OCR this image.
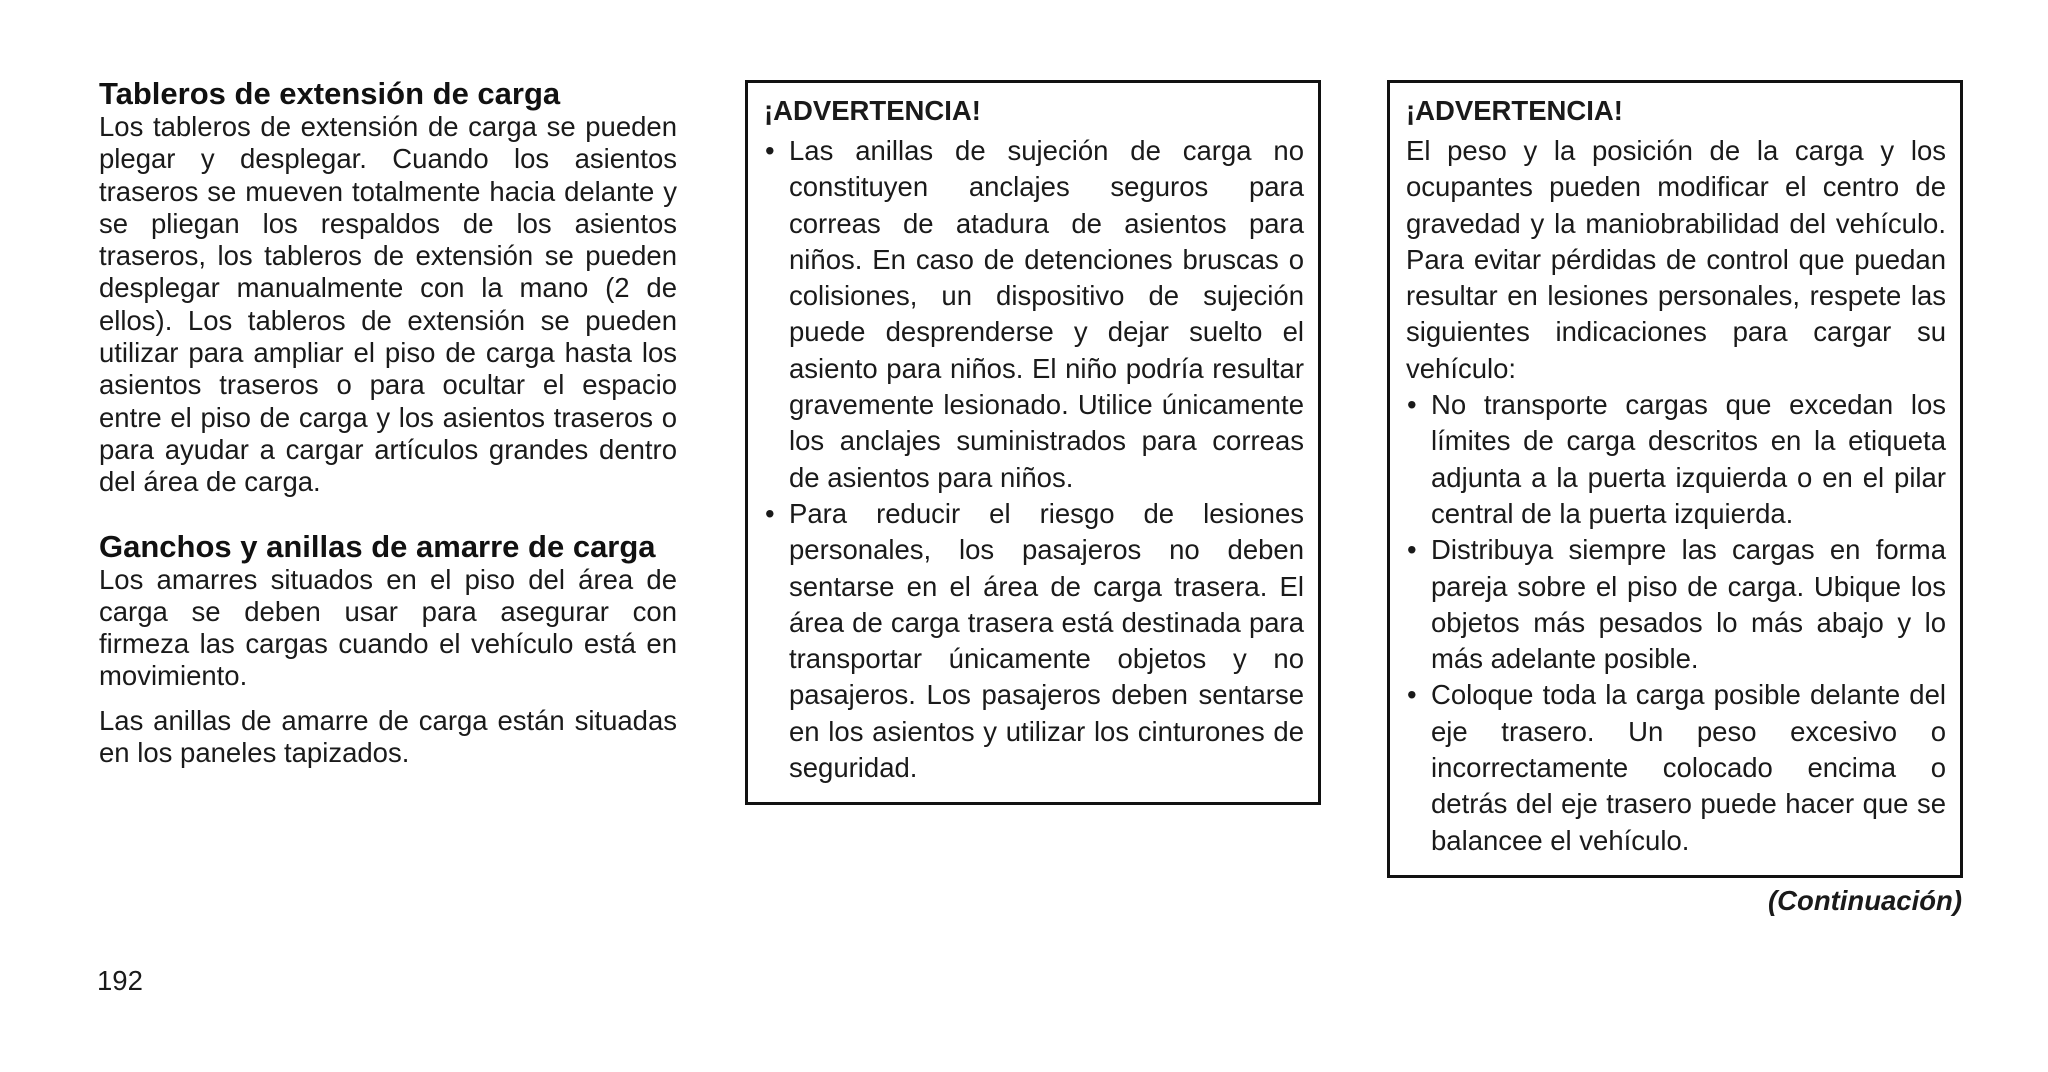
Tableros de extensión de carga

Los tableros de extensión de carga se pueden plegar y desplegar. Cuando los asientos traseros se mueven totalmente hacia delante y se pliegan los respaldos de los asientos traseros, los tableros de extensión se pueden desplegar manualmente con la mano (2 de ellos). Los tableros de extensión se pueden utilizar para ampliar el piso de carga hasta los asientos traseros o para ocultar el espacio entre el piso de carga y los asientos traseros o para ayudar a cargar artículos grandes dentro del área de carga.

Ganchos y anillas de amarre de carga

Los amarres situados en el piso del área de carga se deben usar para asegurar con firmeza las cargas cuando el vehículo está en movimiento.

Las anillas de amarre de carga están situadas en los paneles tapizados.

¡ADVERTENCIA!
• Las anillas de sujeción de carga no constituyen anclajes seguros para correas de atadura de asientos para niños. En caso de detenciones bruscas o colisiones, un dispositivo de sujeción puede desprenderse y dejar suelto el asiento para niños. El niño podría resultar gravemente lesionado. Utilice únicamente los anclajes suministrados para correas de asientos para niños.
• Para reducir el riesgo de lesiones personales, los pasajeros no deben sentarse en el área de carga trasera. El área de carga trasera está destinada para transportar únicamente objetos y no pasajeros. Los pasajeros deben sentarse en los asientos y utilizar los cinturones de seguridad.
¡ADVERTENCIA!

El peso y la posición de la carga y los ocupantes pueden modificar el centro de gravedad y la maniobrabilidad del vehículo. Para evitar pérdidas de control que puedan resultar en lesiones personales, respete las siguientes indicaciones para cargar su vehículo:

• No transporte cargas que excedan los límites de carga descritos en la etiqueta adjunta a la puerta izquierda o en el pilar central de la puerta izquierda.
• Distribuya siempre las cargas en forma pareja sobre el piso de carga. Ubique los objetos más pesados lo más abajo y lo más adelante posible.
• Coloque toda la carga posible delante del eje trasero. Un peso excesivo o incorrectamente colocado encima o detrás del eje trasero puede hacer que se balancee el vehículo.
(Continuación)
192
